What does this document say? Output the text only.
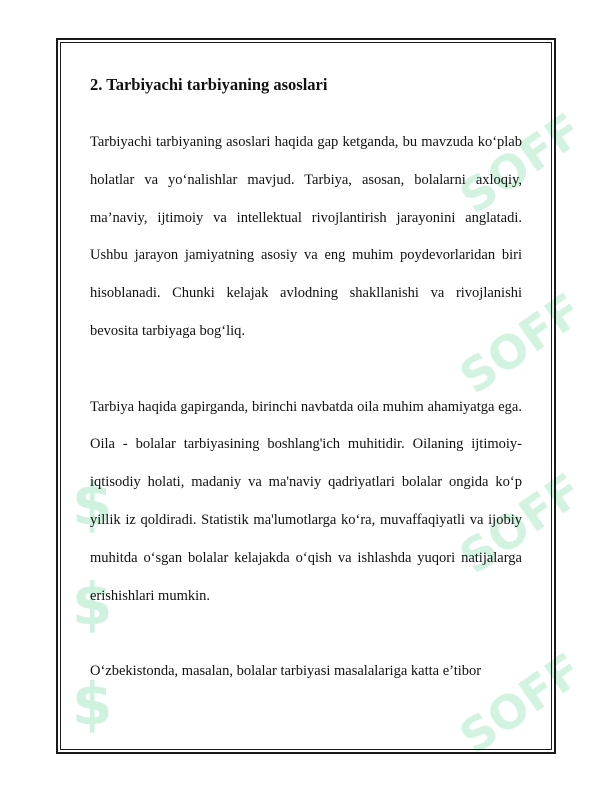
SOFF
SOFF
SOFF
SOFF
$
$
$
2. Tarbiyachi tarbiyaning asoslari

Tarbiyachi tarbiyaning asoslari haqida gap ketganda, bu mavzuda ko‘plab holatlar va yo‘nalishlar mavjud. Tarbiya, asosan, bolalarni axloqiy, ma’naviy, ijtimoiy va intellektual rivojlantirish jarayonini anglatadi. Ushbu jarayon jamiyatning asosiy va eng muhim poydevorlaridan biri hisoblanadi. Chunki kelajak avlodning shakllanishi va rivojlanishi bevosita tarbiyaga bog‘liq.

Tarbiya haqida gapirganda, birinchi navbatda oila muhim ahamiyatga ega. Oila - bolalar tarbiyasining boshlang'ich muhitidir. Oilaning ijtimoiy-iqtisodiy holati, madaniy va ma'naviy qadriyatlari bolalar ongida ko‘p yillik iz qoldiradi. Statistik ma'lumotlarga ko‘ra, muvaffaqiyatli va ijobiy muhitda o‘sgan bolalar kelajakda o‘qish va ishlashda yuqori natijalarga erishishlari mumkin.

O‘zbekistonda, masalan, bolalar tarbiyasi masalalariga katta e’tibor
